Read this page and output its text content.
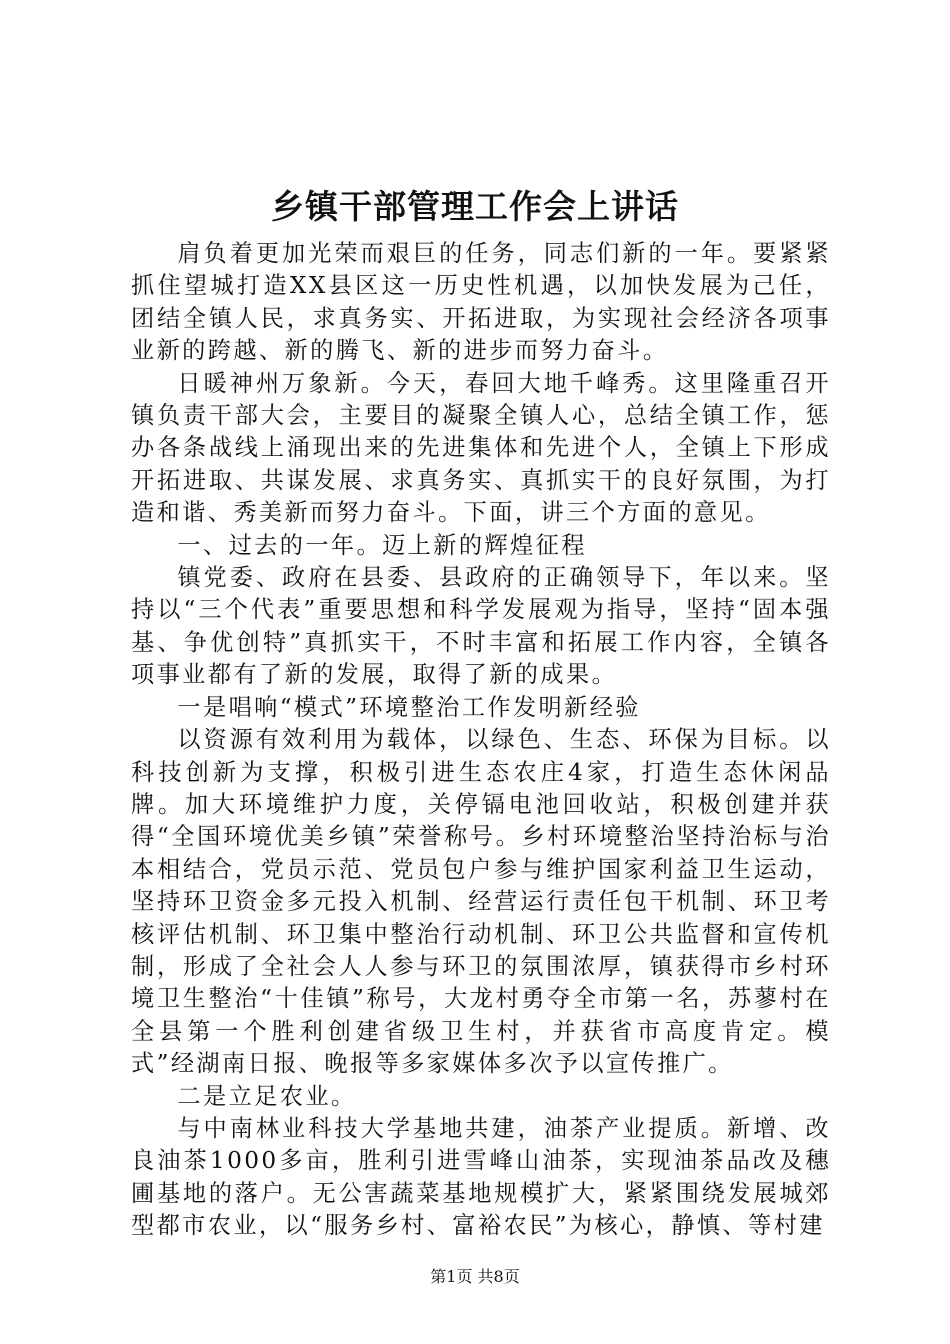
乡镇干部管理工作会上讲话

肩负着更加光荣而艰巨的任务，同志们新的一年。要紧紧抓住望城打造XX县区这一历史性机遇，以加快发展为己任，团结全镇人民，求真务实、开拓进取，为实现社会经济各项事业新的跨越、新的腾飞、新的进步而努力奋斗。

日暖神州万象新。今天，春回大地千峰秀。这里隆重召开镇负责干部大会，主要目的凝聚全镇人心，总结全镇工作，惩办各条战线上涌现出来的先进集体和先进个人，全镇上下形成开拓进取、共谋发展、求真务实、真抓实干的良好氛围，为打造和谐、秀美新而努力奋斗。下面，讲三个方面的意见。

一、过去的一年。迈上新的辉煌征程

镇党委、政府在县委、县政府的正确领导下，年以来。坚持以“三个代表”重要思想和科学发展观为指导，坚持“固本强基、争优创特”真抓实干，不时丰富和拓展工作内容，全镇各项事业都有了新的发展，取得了新的成果。

一是唱响“模式”环境整治工作发明新经验

以资源有效利用为载体，以绿色、生态、环保为目标。以科技创新为支撑，积极引进生态农庄4家，打造生态休闲品牌。加大环境维护力度，关停镉电池回收站，积极创建并获得“全国环境优美乡镇”荣誉称号。乡村环境整治坚持治标与治本相结合，党员示范、党员包户参与维护国家利益卫生运动，坚持环卫资金多元投入机制、经营运行责任包干机制、环卫考核评估机制、环卫集中整治行动机制、环卫公共监督和宣传机制，形成了全社会人人参与环卫的氛围浓厚，镇获得市乡村环境卫生整治“十佳镇”称号，大龙村勇夺全市第一名，苏蓼村在全县第一个胜利创建省级卫生村，并获省市高度肯定。模式”经湖南日报、晚报等多家媒体多次予以宣传推广。

二是立足农业。

与中南林业科技大学基地共建，油茶产业提质。新增、改良油茶1000多亩，胜利引进雪峰山油茶，实现油茶品改及穗圃基地的落户。无公害蔬菜基地规模扩大，紧紧围绕发展城郊型都市农业，以“服务乡村、富裕农民”为核心，静慎、等村建

第1页 共8页
